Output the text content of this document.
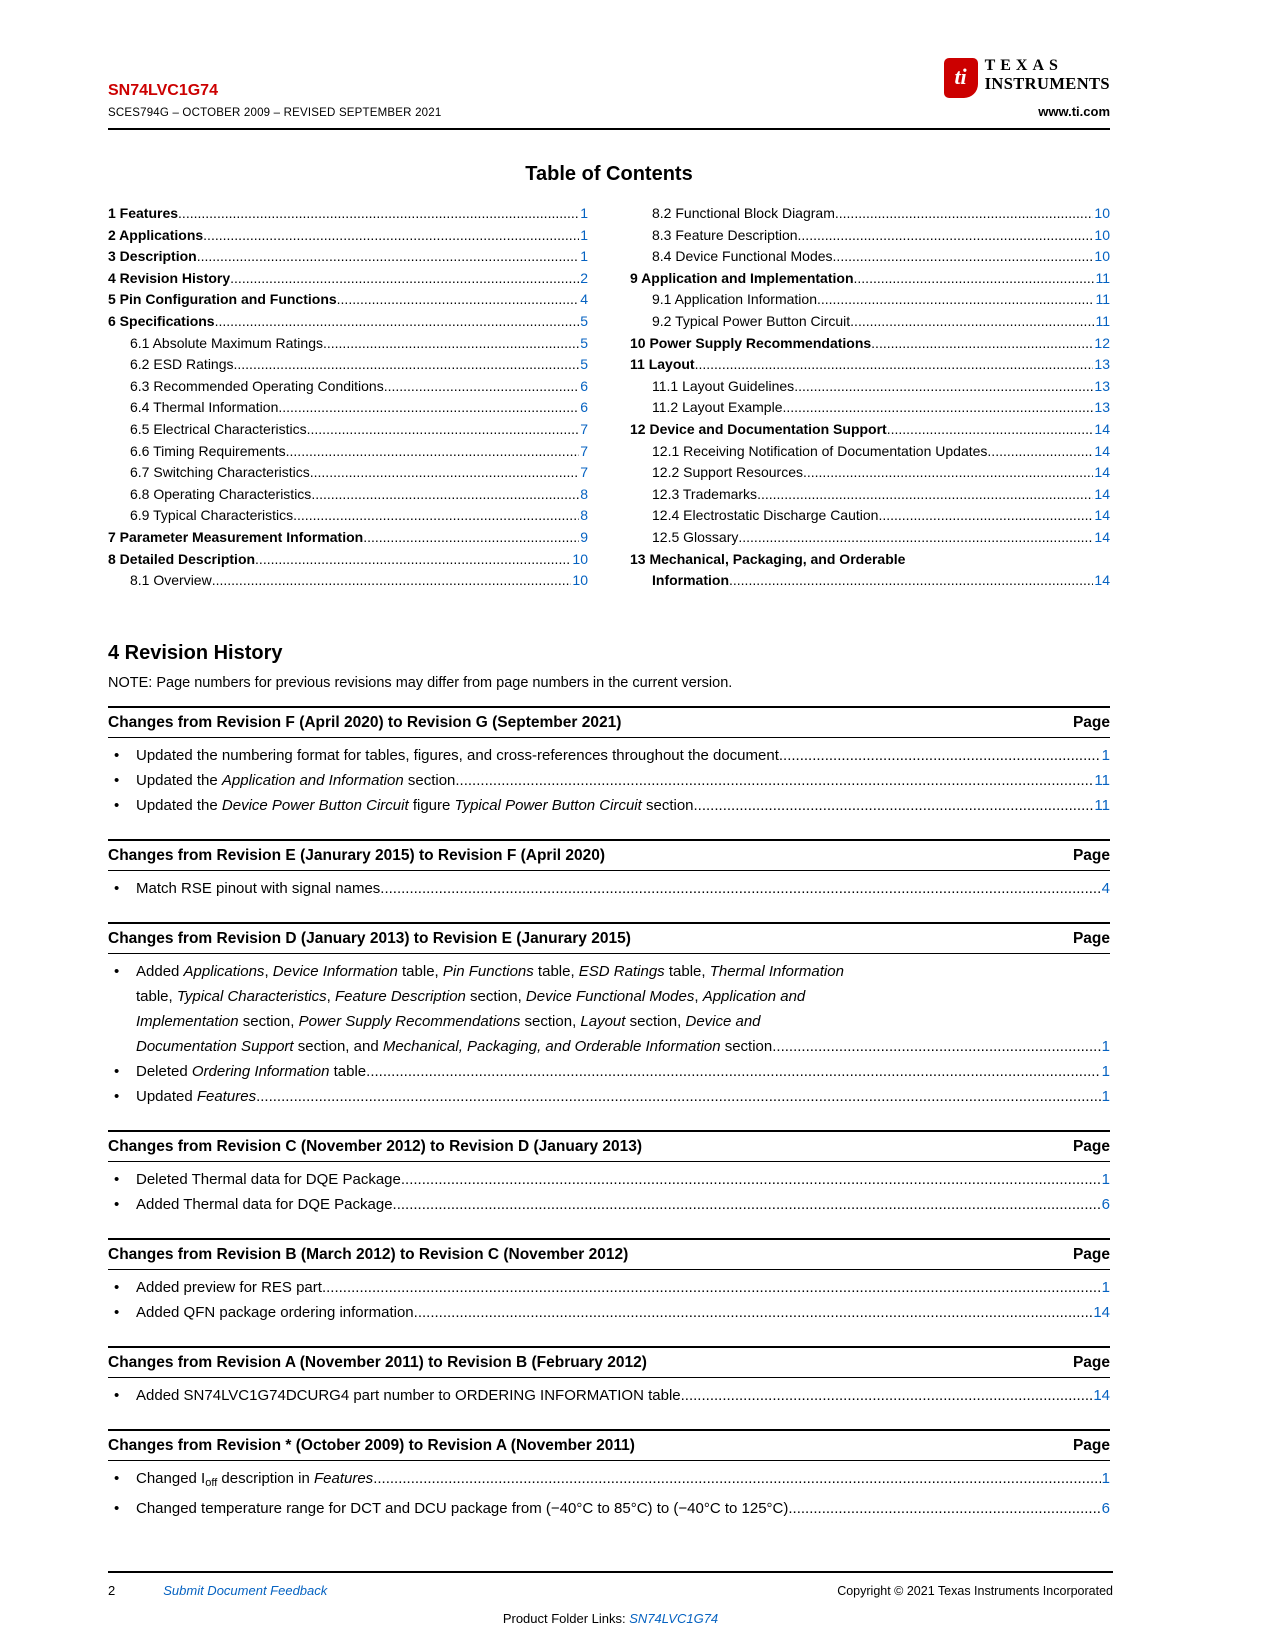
SN74LVC1G74
SCES794G – OCTOBER 2009 – REVISED SEPTEMBER 2021
ti TEXAS
INSTRUMENTS
www.ti.com
Table of Contents
1 Features .....	1
2 Applications .....	1
3 Description .....	1
4 Revision History .....	2
5 Pin Configuration and Functions .....	4
6 Specifications .....	5
6.1 Absolute Maximum Ratings .....	5
6.2 ESD Ratings .....	5
6.3 Recommended Operating Conditions .....	6
6.4 Thermal Information .....	6
6.5 Electrical Characteristics .....	7
6.6 Timing Requirements .....	7
6.7 Switching Characteristics .....	7
6.8 Operating Characteristics .....	8
6.9 Typical Characteristics .....	8
7 Parameter Measurement Information .....	9
8 Detailed Description .....	10
8.1 Overview .....	10
8.2 Functional Block Diagram .....	10
8.3 Feature Description .....	10
8.4 Device Functional Modes .....	10
9 Application and Implementation .....	11
9.1 Application Information .....	11
9.2 Typical Power Button Circuit .....	11
10 Power Supply Recommendations .....	12
11 Layout .....	13
11.1 Layout Guidelines .....	13
11.2 Layout Example .....	13
12 Device and Documentation Support .....	14
12.1 Receiving Notification of Documentation Updates .....	14
12.2 Support Resources .....	14
12.3 Trademarks .....	14
12.4 Electrostatic Discharge Caution .....	14
12.5 Glossary .....	14
13 Mechanical, Packaging, and Orderable
Information .....	14
4 Revision History
NOTE: Page numbers for previous revisions may differ from page numbers in the current version.
Changes from Revision F (April 2020) to Revision G (September 2021)	Page
•	Updated the numbering format for tables, figures, and cross-references throughout the document .....	1
•	Updated the Application and Information section .....	11
•	Updated the Device Power Button Circuit figure Typical Power Button Circuit section .....	11
Changes from Revision E (Janurary 2015) to Revision F (April 2020)	Page
•	Match RSE pinout with signal names .....	4
Changes from Revision D (January 2013) to Revision E (Janurary 2015)	Page
•	Added Applications, Device Information table, Pin Functions table, ESD Ratings table, Thermal Information
table, Typical Characteristics, Feature Description section, Device Functional Modes, Application and
Implementation section, Power Supply Recommendations section, Layout section, Device and
Documentation Support section, and Mechanical, Packaging, and Orderable Information section .....	1
•	Deleted Ordering Information table .....	1
•	Updated Features .....	1
Changes from Revision C (November 2012) to Revision D (January 2013)	Page
•	Deleted Thermal data for DQE Package .....	1
•	Added Thermal data for DQE Package .....	6
Changes from Revision B (March 2012) to Revision C (November 2012)	Page
•	Added preview for RES part .....	1
•	Added QFN package ordering information .....	14
Changes from Revision A (November 2011) to Revision B (February 2012)	Page
•	Added SN74LVC1G74DCURG4 part number to ORDERING INFORMATION table .....	14
Changes from Revision * (October 2009) to Revision A (November 2011)	Page
•	Changed $I_{off}$ description in Features .....	1
•	Changed temperature range for DCT and DCU package from (−40°C to 85°C) to (−40°C to 125°C) .....	6
2	Submit Document Feedback	Copyright © 2021 Texas Instruments Incorporated
Product Folder Links: SN74LVC1G74
